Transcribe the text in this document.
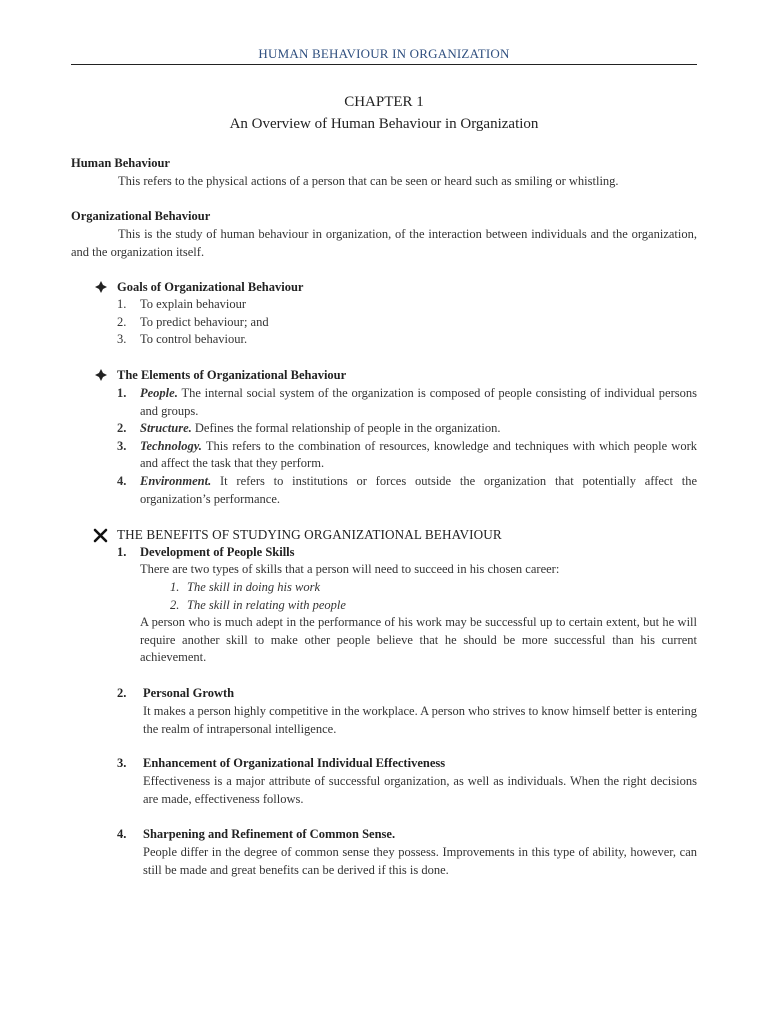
HUMAN BEHAVIOUR IN ORGANIZATION
CHAPTER 1
An Overview of Human Behaviour in Organization
Human Behaviour
This refers to the physical actions of a person that can be seen or heard such as smiling or whistling.
Organizational Behaviour
This is the study of human behaviour in organization, of the interaction between individuals and the organization, and the organization itself.
Goals of Organizational Behaviour
1. To explain behaviour
2. To predict behaviour; and
3. To control behaviour.
The Elements of Organizational Behaviour
1. People. The internal social system of the organization is composed of people consisting of individual persons and groups.
2. Structure. Defines the formal relationship of people in the organization.
3. Technology. This refers to the combination of resources, knowledge and techniques with which people work and affect the task that they perform.
4. Environment. It refers to institutions or forces outside the organization that potentially affect the organization’s performance.
THE BENEFITS OF STUDYING ORGANIZATIONAL BEHAVIOUR
1. Development of People Skills
There are two types of skills that a person will need to succeed in his chosen career:
1. The skill in doing his work
2. The skill in relating with people
A person who is much adept in the performance of his work may be successful up to certain extent, but he will require another skill to make other people believe that he should be more successful than his current achievement.
2. Personal Growth
It makes a person highly competitive in the workplace. A person who strives to know himself better is entering the realm of intrapersonal intelligence.
3. Enhancement of Organizational Individual Effectiveness
Effectiveness is a major attribute of successful organization, as well as individuals. When the right decisions are made, effectiveness follows.
4. Sharpening and Refinement of Common Sense.
People differ in the degree of common sense they possess. Improvements in this type of ability, however, can still be made and great benefits can be derived if this is done.
